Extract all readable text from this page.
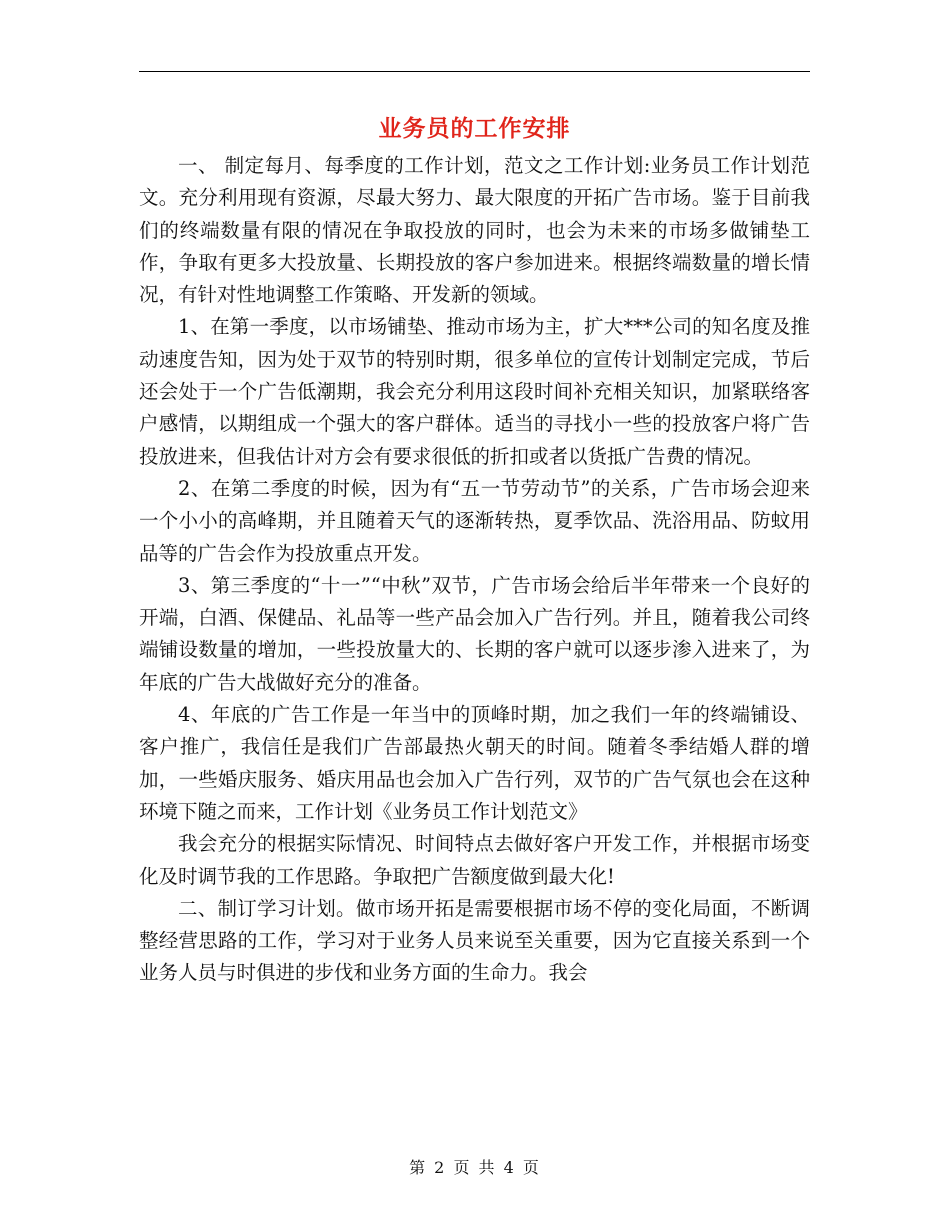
业务员的工作安排

一、 制定每月、每季度的工作计划，范文之工作计划:业务员工作计划范文。充分利用现有资源，尽最大努力、最大限度的开拓广告市场。鉴于目前我们的终端数量有限的情况在争取投放的同时，也会为未来的市场多做铺垫工作，争取有更多大投放量、长期投放的客户参加进来。根据终端数量的增长情况，有针对性地调整工作策略、开发新的领域。

1、在第一季度，以市场铺垫、推动市场为主，扩大***公司的知名度及推动速度告知，因为处于双节的特别时期，很多单位的宣传计划制定完成，节后还会处于一个广告低潮期，我会充分利用这段时间补充相关知识，加紧联络客户感情，以期组成一个强大的客户群体。适当的寻找小一些的投放客户将广告投放进来，但我估计对方会有要求很低的折扣或者以货抵广告费的情况。

2、在第二季度的时候，因为有“五一节劳动节”的关系，广告市场会迎来一个小小的高峰期，并且随着天气的逐渐转热，夏季饮品、洗浴用品、防蚊用品等的广告会作为投放重点开发。

3、第三季度的“十一”“中秋”双节，广告市场会给后半年带来一个良好的开端，白酒、保健品、礼品等一些产品会加入广告行列。并且，随着我公司终端铺设数量的增加，一些投放量大的、长期的客户就可以逐步渗入进来了，为年底的广告大战做好充分的准备。

4、年底的广告工作是一年当中的顶峰时期，加之我们一年的终端铺设、客户推广，我信任是我们广告部最热火朝天的时间。随着冬季结婚人群的增加，一些婚庆服务、婚庆用品也会加入广告行列，双节的广告气氛也会在这种环境下随之而来，工作计划《业务员工作计划范文》

我会充分的根据实际情况、时间特点去做好客户开发工作，并根据市场变化及时调节我的工作思路。争取把广告额度做到最大化!

二、制订学习计划。做市场开拓是需要根据市场不停的变化局面，不断调整经营思路的工作，学习对于业务人员来说至关重要，因为它直接关系到一个业务人员与时俱进的步伐和业务方面的生命力。我会

第 2 页 共 4 页
